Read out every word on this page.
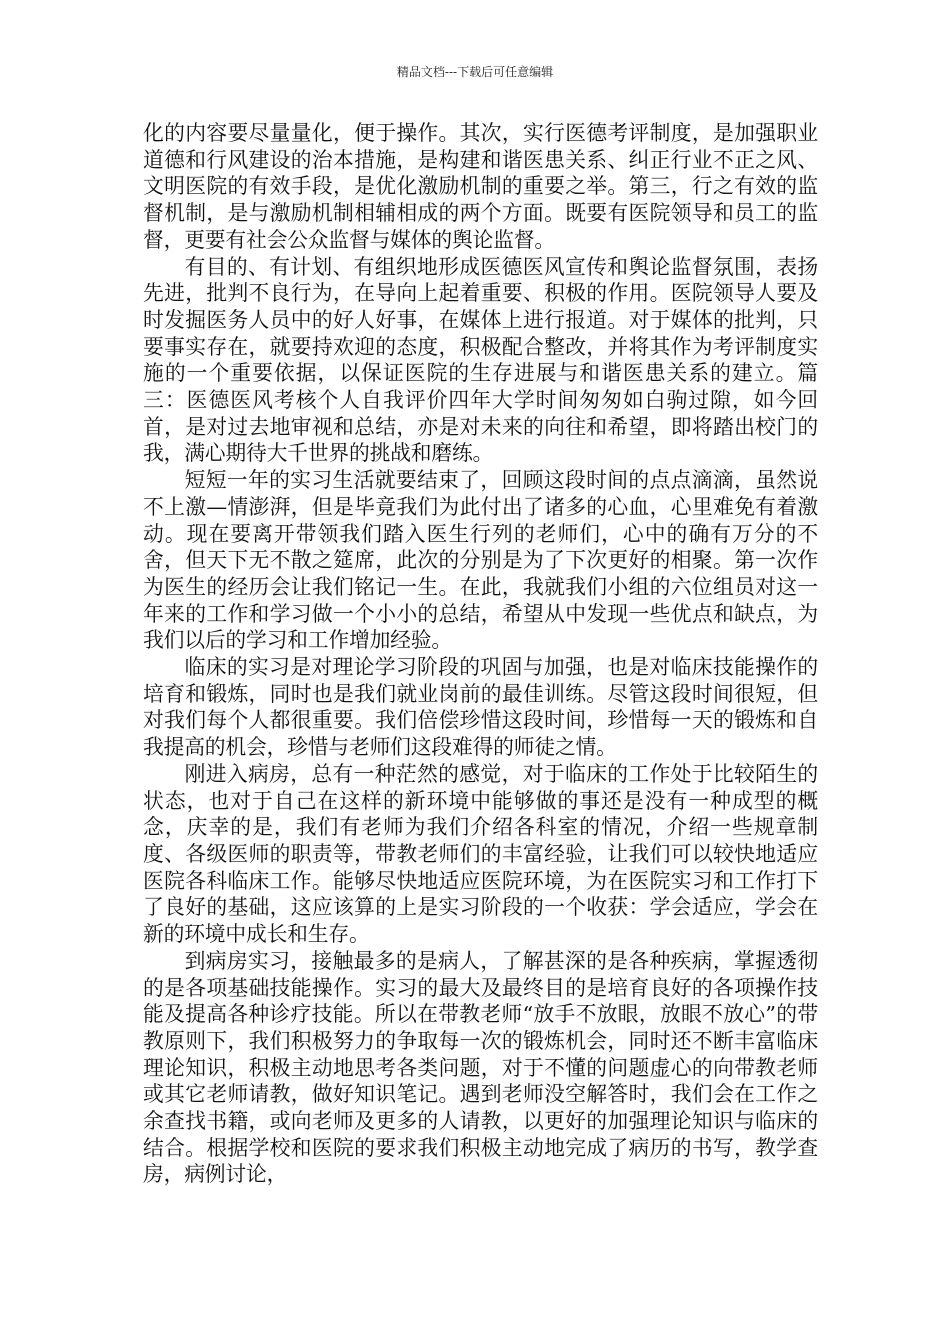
精品文档---下载后可任意编辑

化的内容要尽量量化，便于操作。其次，实行医德考评制度，是加强职业道德和行风建设的治本措施，是构建和谐医患关系、纠正行业不正之风、文明医院的有效手段，是优化激励机制的重要之举。第三，行之有效的监督机制，是与激励机制相辅相成的两个方面。既要有医院领导和员工的监督，更要有社会公众监督与媒体的舆论监督。

有目的、有计划、有组织地形成医德医风宣传和舆论监督氛围，表扬先进，批判不良行为，在导向上起着重要、积极的作用。医院领导人要及时发掘医务人员中的好人好事，在媒体上进行报道。对于媒体的批判，只要事实存在，就要持欢迎的态度，积极配合整改，并将其作为考评制度实施的一个重要依据，以保证医院的生存进展与和谐医患关系的建立。篇三：医德医风考核个人自我评价四年大学时间匆匆如白驹过隙，如今回首，是对过去地审视和总结，亦是对未来的向往和希望，即将踏出校门的我，满心期待大千世界的挑战和磨练。

短短一年的实习生活就要结束了，回顾这段时间的点点滴滴，虽然说不上激—情澎湃，但是毕竟我们为此付出了诸多的心血，心里难免有着激动。现在要离开带领我们踏入医生行列的老师们，心中的确有万分的不舍，但天下无不散之筵席，此次的分别是为了下次更好的相聚。第一次作为医生的经历会让我们铭记一生。在此，我就我们小组的六位组员对这一年来的工作和学习做一个小小的总结，希望从中发现一些优点和缺点，为我们以后的学习和工作增加经验。

临床的实习是对理论学习阶段的巩固与加强，也是对临床技能操作的培育和锻炼，同时也是我们就业岗前的最佳训练。尽管这段时间很短，但对我们每个人都很重要。我们倍偿珍惜这段时间，珍惜每一天的锻炼和自我提高的机会，珍惜与老师们这段难得的师徒之情。

刚进入病房，总有一种茫然的感觉，对于临床的工作处于比较陌生的状态，也对于自己在这样的新环境中能够做的事还是没有一种成型的概念，庆幸的是，我们有老师为我们介绍各科室的情况，介绍一些规章制度、各级医师的职责等，带教老师们的丰富经验，让我们可以较快地适应医院各科临床工作。能够尽快地适应医院环境，为在医院实习和工作打下了良好的基础，这应该算的上是实习阶段的一个收获：学会适应，学会在新的环境中成长和生存。

到病房实习，接触最多的是病人，了解甚深的是各种疾病，掌握透彻的是各项基础技能操作。实习的最大及最终目的是培育良好的各项操作技能及提高各种诊疗技能。所以在带教老师“放手不放眼，放眼不放心”的带教原则下，我们积极努力的争取每一次的锻炼机会，同时还不断丰富临床理论知识，积极主动地思考各类问题，对于不懂的问题虚心的向带教老师或其它老师请教，做好知识笔记。遇到老师没空解答时，我们会在工作之余查找书籍，或向老师及更多的人请教，以更好的加强理论知识与临床的结合。根据学校和医院的要求我们积极主动地完成了病历的书写，教学查房，病例讨论，
